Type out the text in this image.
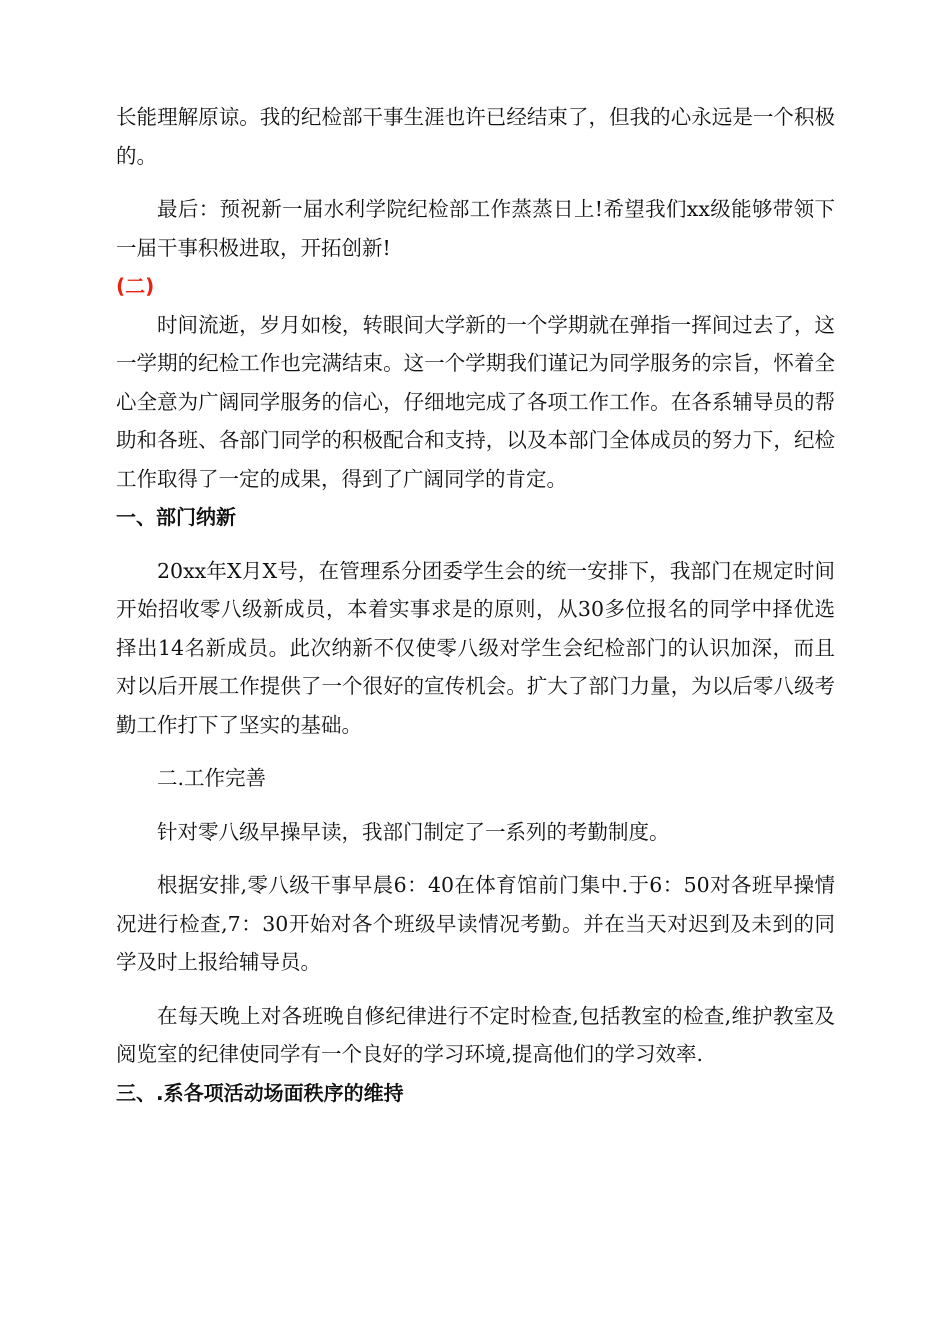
长能理解原谅。我的纪检部干事生涯也许已经结束了，但我的心永远是一个积极的。

最后：预祝新一届水利学院纪检部工作蒸蒸日上!希望我们xx级能够带领下一届干事积极进取，开拓创新!

(二)

时间流逝，岁月如梭，转眼间大学新的一个学期就在弹指一挥间过去了，这一学期的纪检工作也完满结束。这一个学期我们谨记为同学服务的宗旨，怀着全心全意为广阔同学服务的信心，仔细地完成了各项工作工作。在各系辅导员的帮助和各班、各部门同学的积极配合和支持，以及本部门全体成员的努力下，纪检工作取得了一定的成果，得到了广阔同学的肯定。

一、部门纳新

20xx年X月X号，在管理系分团委学生会的统一安排下，我部门在规定时间开始招收零八级新成员，本着实事求是的原则，从30多位报名的同学中择优选择出14名新成员。此次纳新不仅使零八级对学生会纪检部门的认识加深，而且对以后开展工作提供了一个很好的宣传机会。扩大了部门力量，为以后零八级考勤工作打下了坚实的基础。

二.工作完善

针对零八级早操早读，我部门制定了一系列的考勤制度。

根据安排,零八级干事早晨6：40在体育馆前门集中.于6：50对各班早操情况进行检查,7：30开始对各个班级早读情况考勤。并在当天对迟到及未到的同学及时上报给辅导员。

在每天晚上对各班晚自修纪律进行不定时检查,包括教室的检查,维护教室及阅览室的纪律使同学有一个良好的学习环境,提高他们的学习效率.

三、.系各项活动场面秩序的维持
